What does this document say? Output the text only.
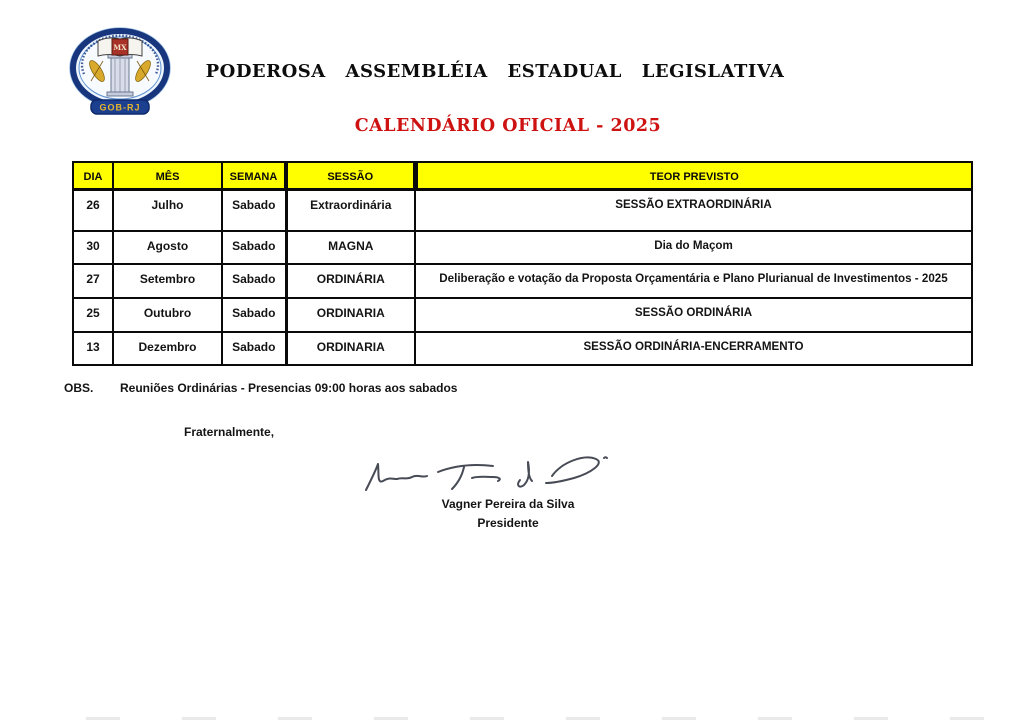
MX
GOB-RJ
PODEROSA ASSEMBLÉIA ESTADUAL LEGISLATIVA
CALENDÁRIO OFICIAL - 2025
DIA	MÊS	SEMANA	SESSÃO	TEOR PREVISTO
26	Julho	Sabado	Extraordinária	SESSÃO EXTRAORDINÁRIA
30	Agosto	Sabado	MAGNA	Dia do Maçom
27	Setembro	Sabado	ORDINÁRIA	Deliberação e votação da Proposta Orçamentária e Plano Plurianual de Investimentos - 2025
25	Outubro	Sabado	ORDINARIA	SESSÃO ORDINÁRIA
13	Dezembro	Sabado	ORDINARIA	SESSÃO ORDINÁRIA-ENCERRAMENTO
OBS. Reuniões Ordinárias - Presencias 09:00 horas aos sabados
Fraternalmente,
Vagner Pereira da Silva
Presidente
